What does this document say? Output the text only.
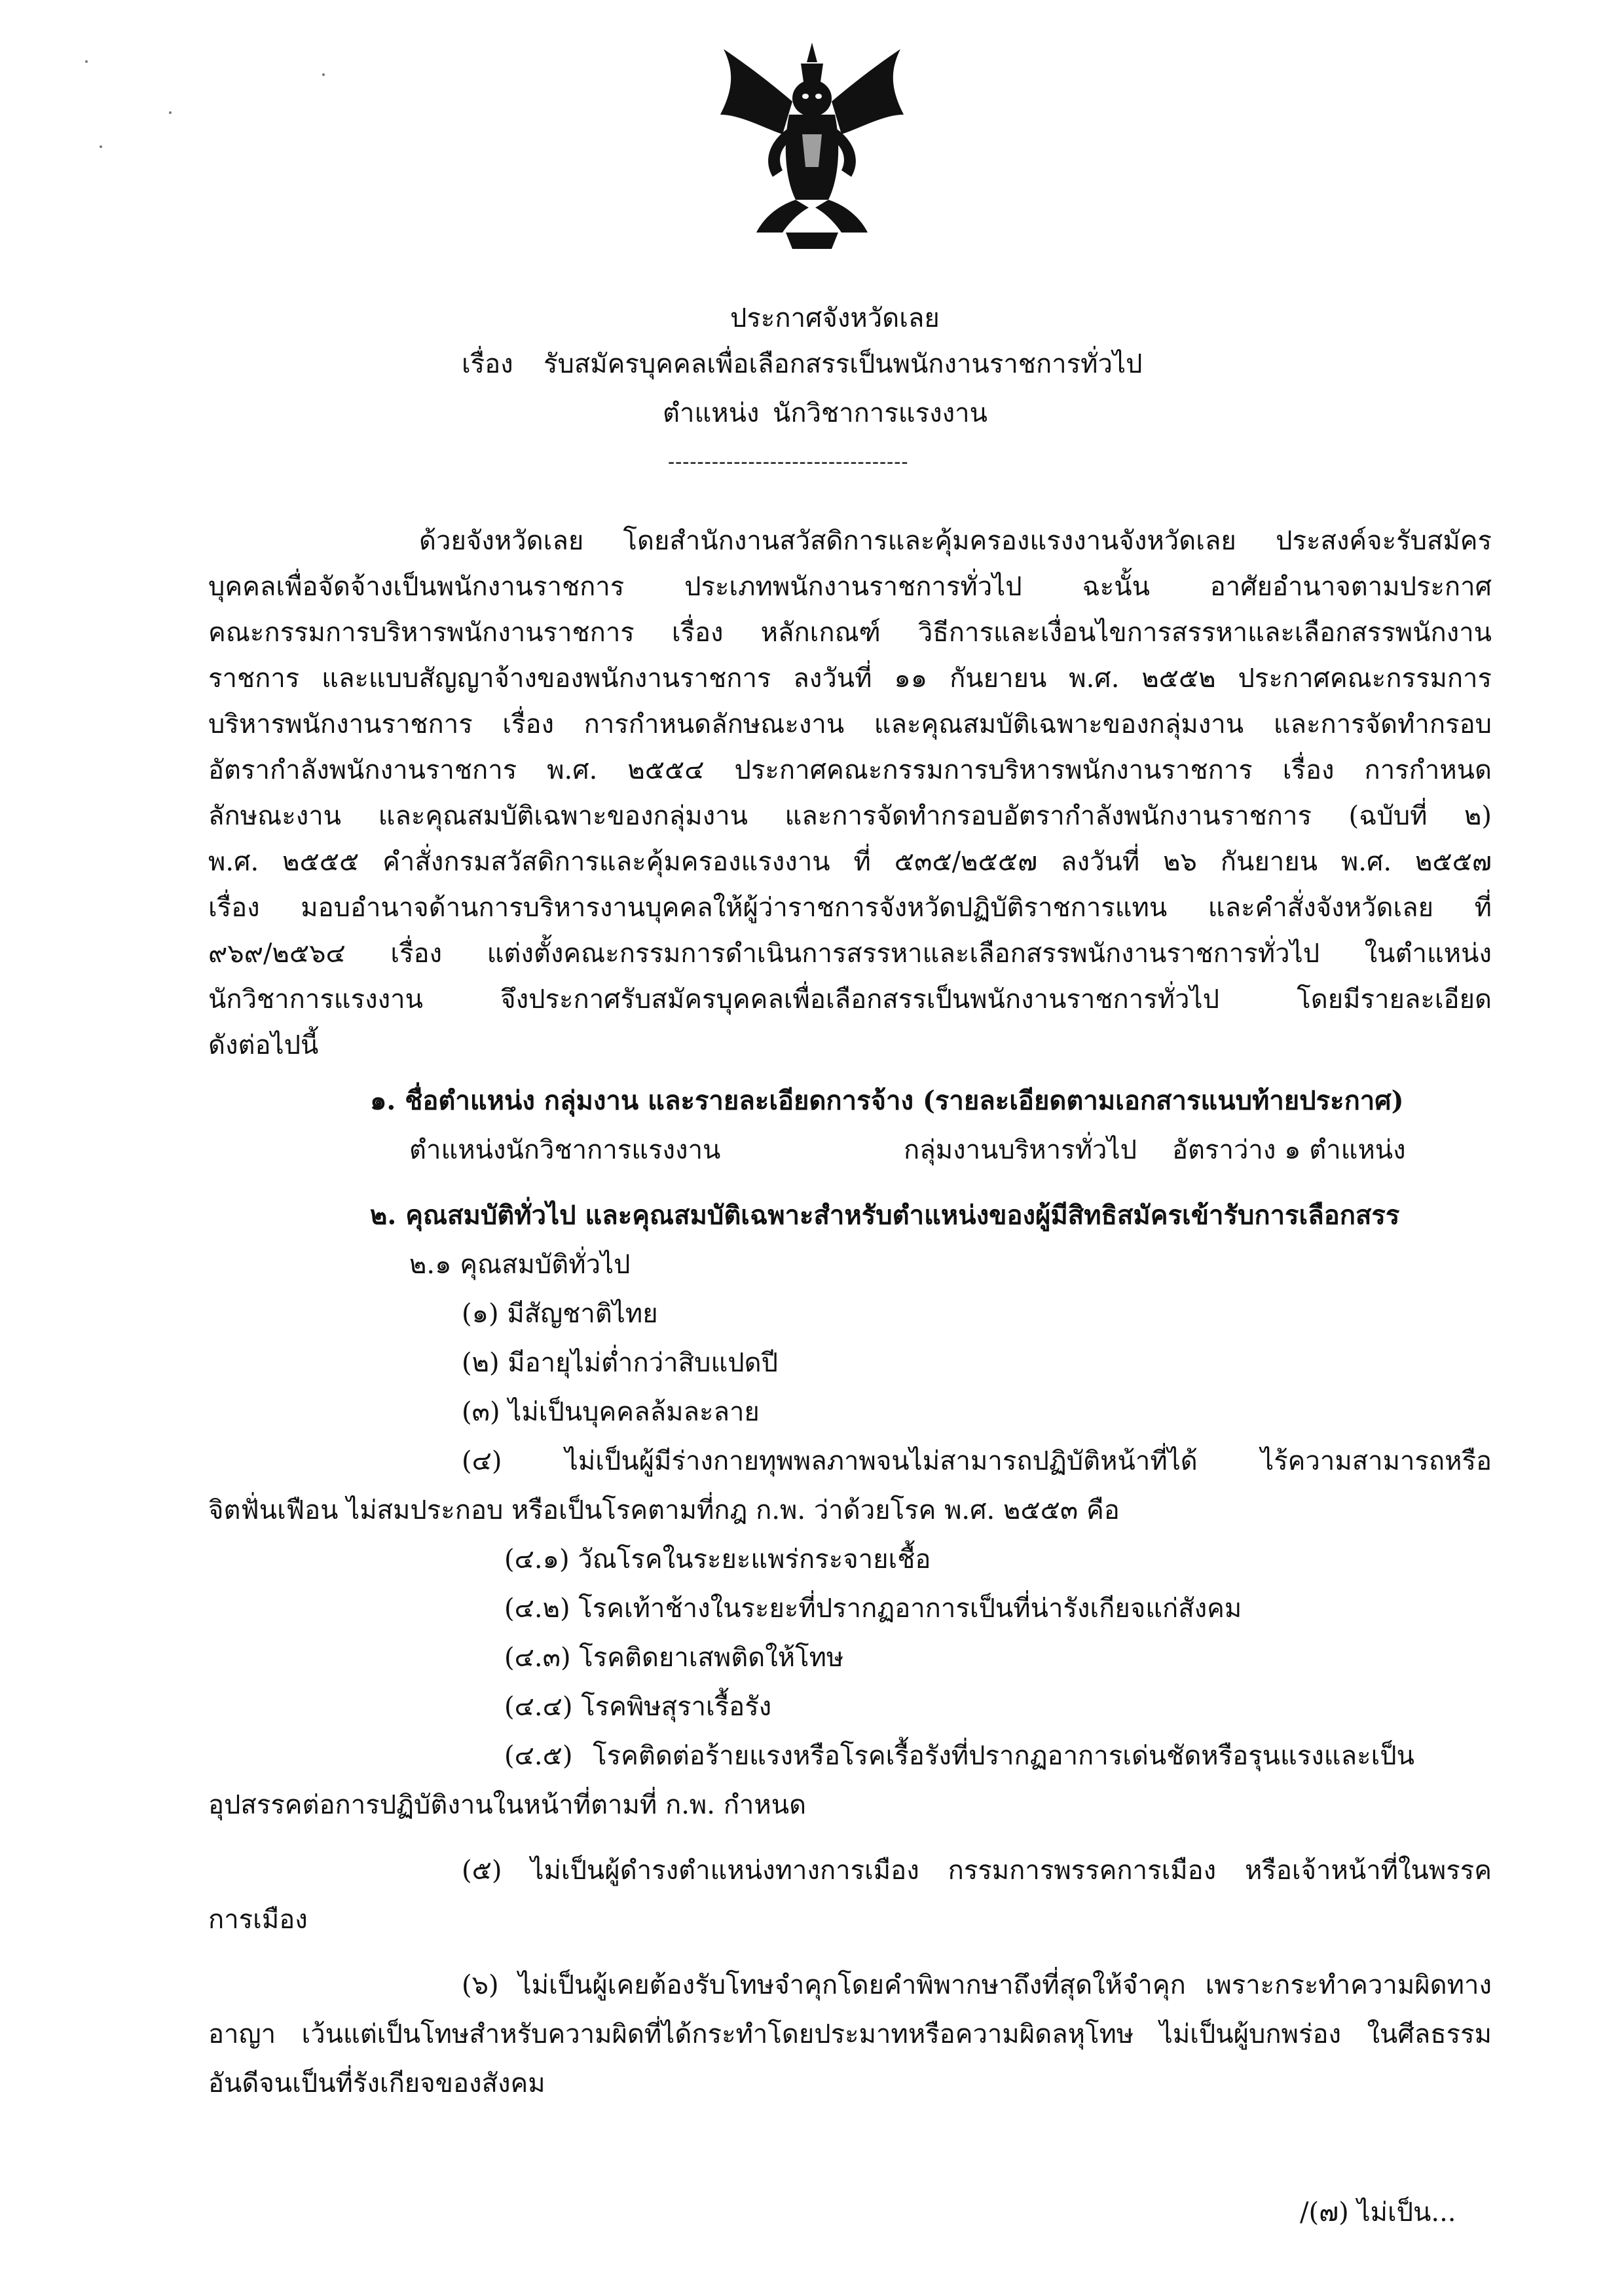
ประกาศจังหวัดเลย
เรื่อง รับสมัครบุคคลเพื่อเลือกสรรเป็นพนักงานราชการทั่วไป
ตำแหน่ง นักวิชาการแรงงาน
---------------------------------
ด้วยจังหวัดเลย โดยสำนักงานสวัสดิการและคุ้มครองแรงงานจังหวัดเลย ประสงค์จะรับสมัคร
บุคคลเพื่อจัดจ้างเป็นพนักงานราชการ ประเภทพนักงานราชการทั่วไป ฉะนั้น อาศัยอำนาจตามประกาศ
คณะกรรมการบริหารพนักงานราชการ เรื่อง หลักเกณฑ์ วิธีการและเงื่อนไขการสรรหาและเลือกสรรพนักงาน
ราชการ และแบบสัญญาจ้างของพนักงานราชการ ลงวันที่ ๑๑ กันยายน พ.ศ. ๒๕๕๒ ประกาศคณะกรรมการ
บริหารพนักงานราชการ เรื่อง การกำหนดลักษณะงาน และคุณสมบัติเฉพาะของกลุ่มงาน และการจัดทำกรอบ
อัตรากำลังพนักงานราชการ พ.ศ. ๒๕๕๔ ประกาศคณะกรรมการบริหารพนักงานราชการ เรื่อง การกำหนด
ลักษณะงาน และคุณสมบัติเฉพาะของกลุ่มงาน และการจัดทำกรอบอัตรากำลังพนักงานราชการ (ฉบับที่ ๒)
พ.ศ. ๒๕๕๕ คำสั่งกรมสวัสดิการและคุ้มครองแรงงาน ที่ ๕๓๕/๒๕๕๗ ลงวันที่ ๒๖ กันยายน พ.ศ. ๒๕๕๗
เรื่อง มอบอำนาจด้านการบริหารงานบุคคลให้ผู้ว่าราชการจังหวัดปฏิบัติราชการแทน และคำสั่งจังหวัดเลย ที่
๙๖๙/๒๕๖๔ เรื่อง แต่งตั้งคณะกรรมการดำเนินการสรรหาและเลือกสรรพนักงานราชการทั่วไป ในตำแหน่ง
นักวิชาการแรงงาน จึงประกาศรับสมัครบุคคลเพื่อเลือกสรรเป็นพนักงานราชการทั่วไป โดยมีรายละเอียด
ดังต่อไปนี้
๑. ชื่อตำแหน่ง กลุ่มงาน และรายละเอียดการจ้าง (รายละเอียดตามเอกสารแนบท้ายประกาศ)
ตำแหน่งนักวิชาการแรงงาน	กลุ่มงานบริหารทั่วไป อัตราว่าง ๑ ตำแหน่ง
๒. คุณสมบัติทั่วไป และคุณสมบัติเฉพาะสำหรับตำแหน่งของผู้มีสิทธิสมัครเข้ารับการเลือกสรร
๒.๑ คุณสมบัติทั่วไป
(๑) มีสัญชาติไทย
(๒) มีอายุไม่ต่ำกว่าสิบแปดปี
(๓) ไม่เป็นบุคคลล้มละลาย
(๔) ไม่เป็นผู้มีร่างกายทุพพลภาพจนไม่สามารถปฏิบัติหน้าที่ได้ ไร้ความสามารถหรือ
จิตฟั่นเฟือน ไม่สมประกอบ หรือเป็นโรคตามที่กฎ ก.พ. ว่าด้วยโรค พ.ศ. ๒๕๕๓ คือ
(๔.๑) วัณโรคในระยะแพร่กระจายเชื้อ
(๔.๒) โรคเท้าช้างในระยะที่ปรากฏอาการเป็นที่น่ารังเกียจแก่สังคม
(๔.๓) โรคติดยาเสพติดให้โทษ
(๔.๔) โรคพิษสุราเรื้อรัง
(๔.๕) โรคติดต่อร้ายแรงหรือโรคเรื้อรังที่ปรากฏอาการเด่นชัดหรือรุนแรงและเป็น
อุปสรรคต่อการปฏิบัติงานในหน้าที่ตามที่ ก.พ. กำหนด
(๕) ไม่เป็นผู้ดำรงตำแหน่งทางการเมือง กรรมการพรรคการเมือง หรือเจ้าหน้าที่ในพรรค
การเมือง
(๖) ไม่เป็นผู้เคยต้องรับโทษจำคุกโดยคำพิพากษาถึงที่สุดให้จำคุก เพราะกระทำความผิดทาง
อาญา เว้นแต่เป็นโทษสำหรับความผิดที่ได้กระทำโดยประมาทหรือความผิดลหุโทษ ไม่เป็นผู้บกพร่อง ในศีลธรรม
อันดีจนเป็นที่รังเกียจของสังคม
/(๗) ไม่เป็น...
